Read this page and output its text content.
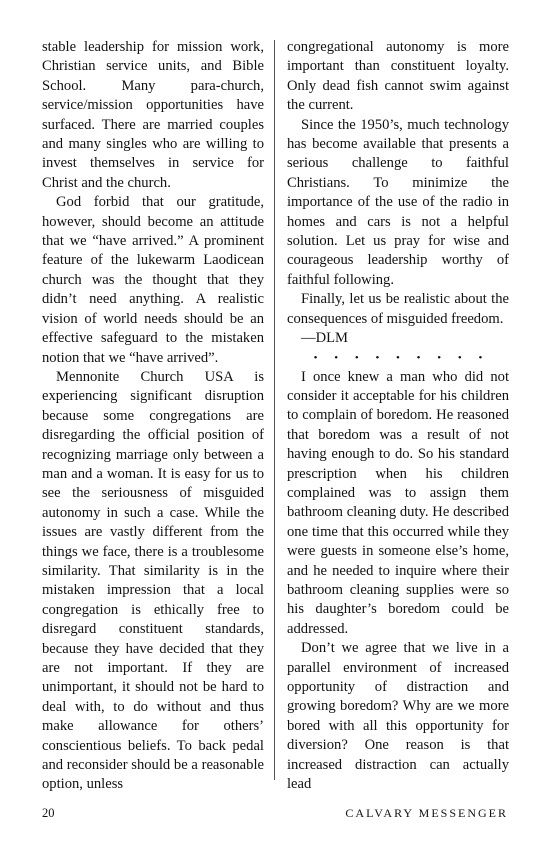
stable leadership for mission work, Christian service units, and Bible School. Many para-church, service/mission opportunities have surfaced. There are married couples and many singles who are willing to invest themselves in service for Christ and the church.

God forbid that our gratitude, however, should become an attitude that we “have arrived.” A prominent feature of the lukewarm Laodicean church was the thought that they didn’t need anything. A realistic vision of world needs should be an effective safeguard to the mistaken notion that we “have arrived”.

Mennonite Church USA is experiencing significant disruption because some congregations are disregarding the official position of recognizing marriage only between a man and a woman. It is easy for us to see the seriousness of misguided autonomy in such a case. While the issues are vastly different from the things we face, there is a troublesome similarity. That similarity is in the mistaken impression that a local congregation is ethically free to disregard constituent standards, because they have decided that they are not important. If they are unimportant, it should not be hard to deal with, to do without and thus make allowance for others’ conscientious beliefs. To back pedal and reconsider should be a reasonable option, unless

congregational autonomy is more important than constituent loyalty. Only dead fish cannot swim against the current.

Since the 1950’s, much technology has become available that presents a serious challenge to faithful Christians. To minimize the importance of the use of the radio in homes and cars is not a helpful solution. Let us pray for wise and courageous leadership worthy of faithful following.

Finally, let us be realistic about the consequences of misguided freedom.

—DLM

• • • • • • • • •

I once knew a man who did not consider it acceptable for his children to complain of boredom. He reasoned that boredom was a result of not having enough to do. So his standard prescription when his children complained was to assign them bathroom cleaning duty. He described one time that this occurred while they were guests in someone else’s home, and he needed to inquire where their bathroom cleaning supplies were so his daughter’s boredom could be addressed.

Don’t we agree that we live in a parallel environment of increased opportunity of distraction and growing boredom? Why are we more bored with all this opportunity for diversion? One reason is that increased distraction can actually lead

20	CALVARY MESSENGER
